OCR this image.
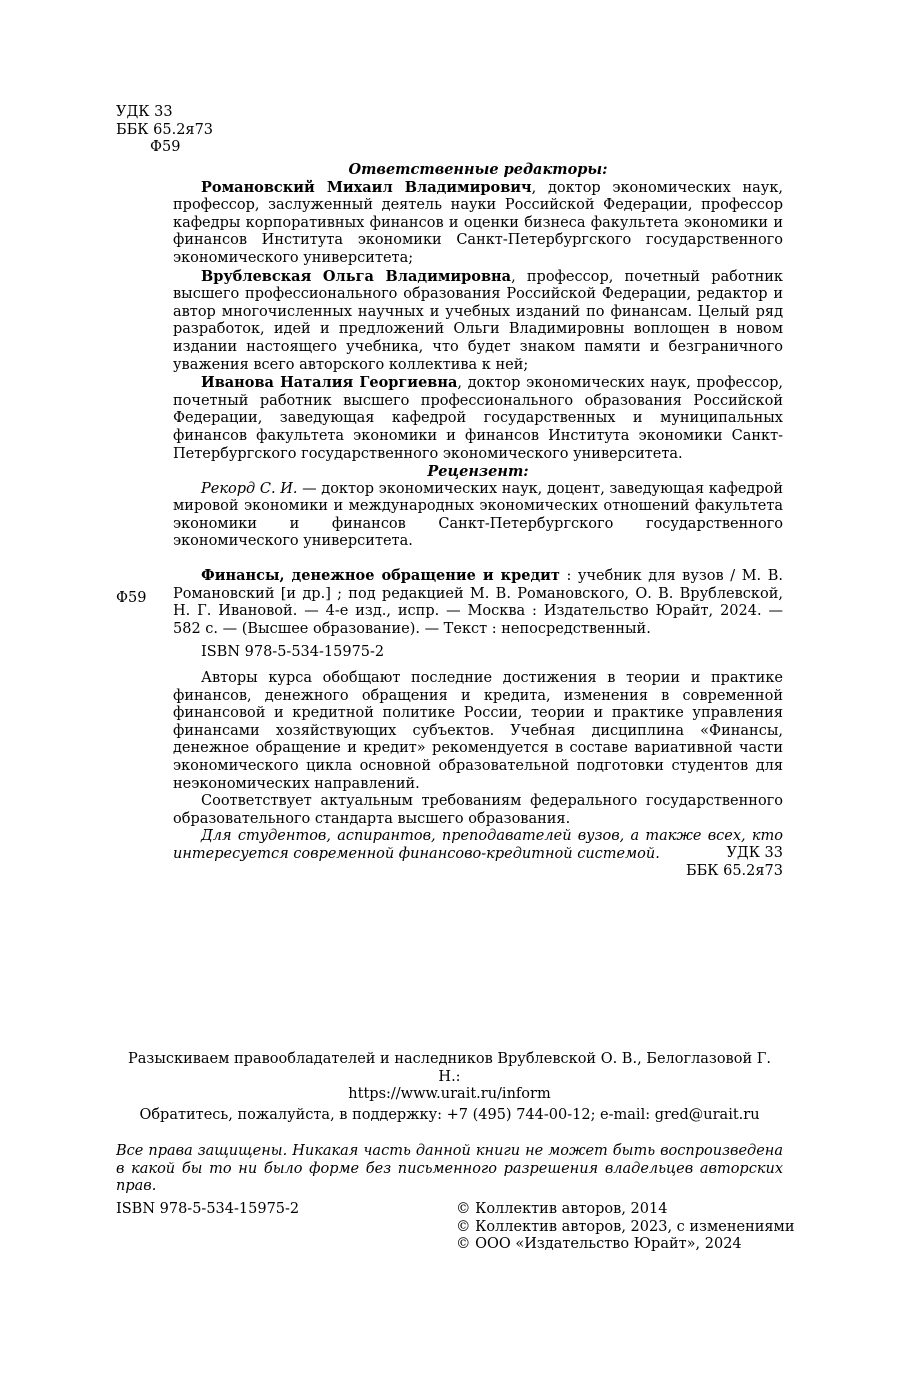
УДК 33
ББК 65.2я73
Ф59
Ответственные редакторы:

Романовский Михаил Владимирович, доктор экономических наук, профессор, заслуженный деятель науки Российской Федерации, профессор кафедры корпоративных финансов и оценки бизнеса факультета экономики и финансов Института экономики Санкт-Петербургского государственного экономического университета;

Врублевская Ольга Владимировна, профессор, почетный работник высшего профессионального образования Российской Федерации, редактор и автор многочисленных научных и учебных изданий по финансам. Целый ряд разработок, идей и предложений Ольги Владимировны воплощен в новом издании настоящего учебника, что будет знаком памяти и безграничного уважения всего авторского коллектива к ней;

Иванова Наталия Георгиевна, доктор экономических наук, профессор, почетный работник высшего профессионального образования Российской Федерации, заведующая кафедрой государственных и муниципальных финансов факультета экономики и финансов Института экономики Санкт-Петербургского государственного экономического университета.

Рецензент:

Рекорд С. И. — доктор экономических наук, доцент, заведующая кафедрой мировой экономики и международных экономических отношений факультета экономики и финансов Санкт-Петербургского государственного экономического университета.

Ф59

Финансы, денежное обращение и кредит : учебник для вузов / М. В. Романовский [и др.] ; под редакцией М. В. Романовского, О. В. Врублевской, Н. Г. Ивановой. — 4-е изд., испр. — Москва : Издательство Юрайт, 2024. — 582 с. — (Высшее образование). — Текст : непосредственный.

ISBN 978-5-534-15975-2

Авторы курса обобщают последние достижения в теории и практике финансов, денежного обращения и кредита, изменения в современной финансовой и кредитной политике России, теории и практике управления финансами хозяйствующих субъектов. Учебная дисциплина «Финансы, денежное обращение и кредит» рекомендуется в составе вариативной части экономического цикла основной образовательной подготовки студентов для неэкономических направлений.

Соответствует актуальным требованиям федерального государственного образовательного стандарта высшего образования.

Для студентов, аспирантов, преподавателей вузов, а также всех, кто интересуется современной финансово-кредитной системой.	УДК 33
ББК 65.2я73
Разыскиваем правообладателей и наследников Врублевской О. В., Белоглазовой Г. Н.:
https://www.urait.ru/inform
Обратитесь, пожалуйста, в поддержку: +7 (495) 744-00-12; e-mail: gred@urait.ru
Все права защищены. Никакая часть данной книги не может быть воспроизведена в какой бы то ни было форме без письменного разрешения владельцев авторских прав.
ISBN 978-5-534-15975-2	© Коллектив авторов, 2014
© Коллектив авторов, 2023, с изменениями
© ООО «Издательство Юрайт», 2024
